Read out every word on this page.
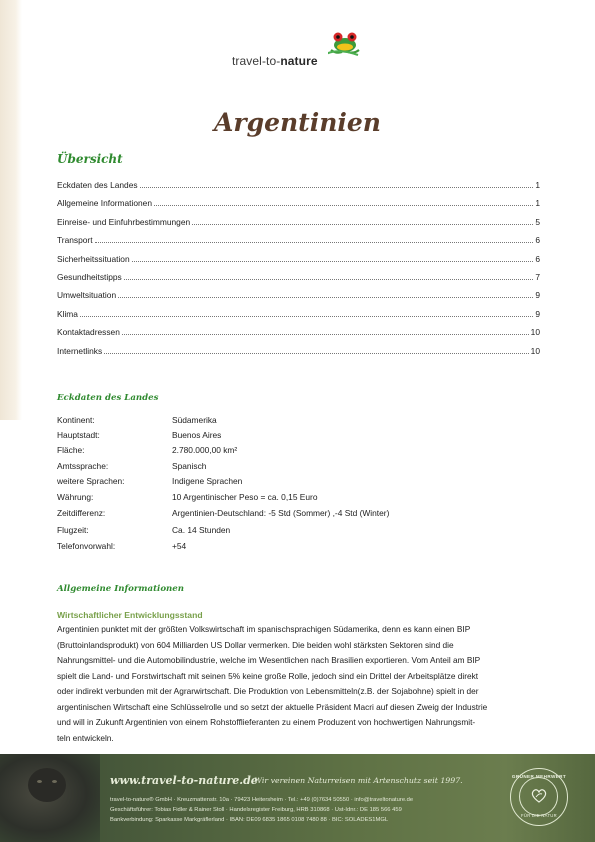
travel-to-nature
Argentinien
Übersicht
Eckdaten des Landes	1
Allgemeine Informationen	1
Einreise- und Einfuhrbestimmungen	5
Transport	6
Sicherheitssituation	6
Gesundheitstipps	7
Umweltsituation	9
Klima	9
Kontaktadressen	10
Internetlinks	10
Eckdaten des Landes
Kontinent:	Südamerika
Hauptstadt:	Buenos Aires
Fläche:	2.780.000,00 km²
Amtssprache:	Spanisch
weitere Sprachen:	Indigene Sprachen
Währung:	10 Argentinischer Peso = ca. 0,15 Euro
Zeitdifferenz:	Argentinien-Deutschland: -5 Std (Sommer) ,-4 Std (Winter)
Flugzeit:	Ca. 14 Stunden
Telefonvorwahl:	+54
Allgemeine Informationen
Wirtschaftlicher Entwicklungsstand
Argentinien punktet mit der größten Volkswirtschaft im spanischsprachigen Südamerika, denn es kann einen BIP
(Bruttoinlandsprodukt) von 604 Milliarden US Dollar vermerken. Die beiden wohl stärksten Sektoren sind die
Nahrungsmittel- und die Automobilindustrie, welche im Wesentlichen nach Brasilien exportieren. Vom Anteil am BIP
spielt die Land- und Forstwirtschaft mit seinen 5% keine große Rolle, jedoch sind ein Drittel der Arbeitsplätze direkt
oder indirekt verbunden mit der Agrarwirtschaft. Die Produktion von Lebensmitteln(z.B. der Sojabohne) spielt in der
argentinischen Wirtschaft eine Schlüsselrolle und so setzt der aktuelle Präsident Macri auf diesen Zweig der Industrie
und will in Zukunft Argentinien von einem Rohstofflieferanten zu einem Produzent von hochwertigen Nahrungsmit-
teln entwickeln.
www.travel-to-nature.de
Wir vereinen Naturreisen mit Artenschutz seit 1997.
travel-to-nature® GmbH · Kreuzmattenstr. 10a · 79423 Heitersheim · Tel.: +49 (0)7634 50550 · info@traveltonature.de
Geschäftsführer: Tobias Fidler & Rainer Stoll · Handelsregister Freiburg, HRB 310868 · Ust-Idnr.: DE 185 566 459
Bankverbindung: Sparkasse Markgräflerland · IBAN: DE09 6835 1865 0108 7480 88 · BIC: SOLADES1MGL
GRÜNER MEHRWERT
FÜR DIE NATUR
